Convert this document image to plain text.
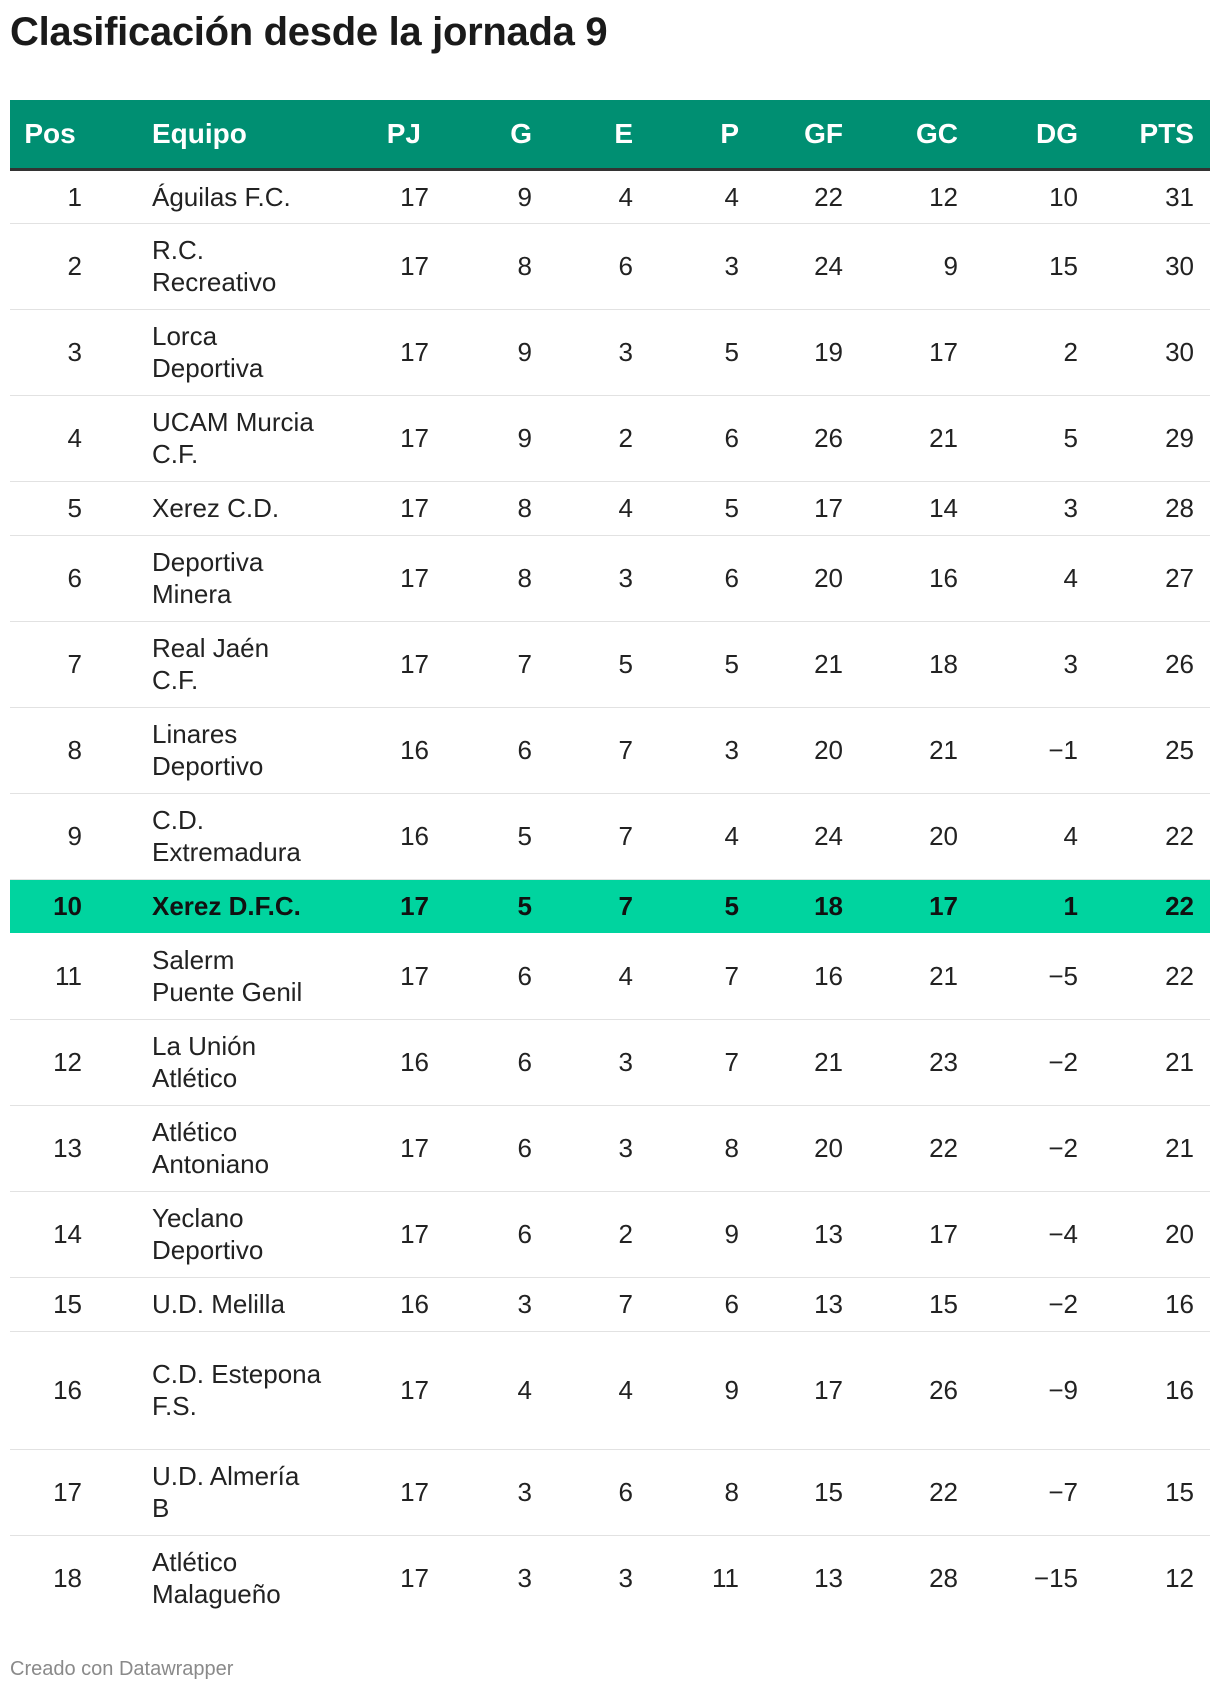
Clasificación desde la jornada 9
Pos	Equipo	PJ	G	E	P	GF	GC	DG	PTS
1	Águilas F.C.	17	9	4	4	22	12	10	31
2	R.C. Recreativo	17	8	6	3	24	9	15	30
3	Lorca Deportiva	17	9	3	5	19	17	2	30
4	UCAM Murcia C.F.	17	9	2	6	26	21	5	29
5	Xerez C.D.	17	8	4	5	17	14	3	28
6	Deportiva Minera	17	8	3	6	20	16	4	27
7	Real Jaén C.F.	17	7	5	5	21	18	3	26
8	Linares Deportivo	16	6	7	3	20	21	−1	25
9	C.D. Extremadura	16	5	7	4	24	20	4	22
10	Xerez D.F.C.	17	5	7	5	18	17	1	22
11	Salerm Puente Genil	17	6	4	7	16	21	−5	22
12	La Unión Atlético	16	6	3	7	21	23	−2	21
13	Atlético Antoniano	17	6	3	8	20	22	−2	21
14	Yeclano Deportivo	17	6	2	9	13	17	−4	20
15	U.D. Melilla	16	3	7	6	13	15	−2	16
16	C.D. Estepona F.S.	17	4	4	9	17	26	−9	16
17	U.D. Almería B	17	3	6	8	15	22	−7	15
18	Atlético Malagueño	17	3	3	11	13	28	−15	12
Creado con Datawrapper
